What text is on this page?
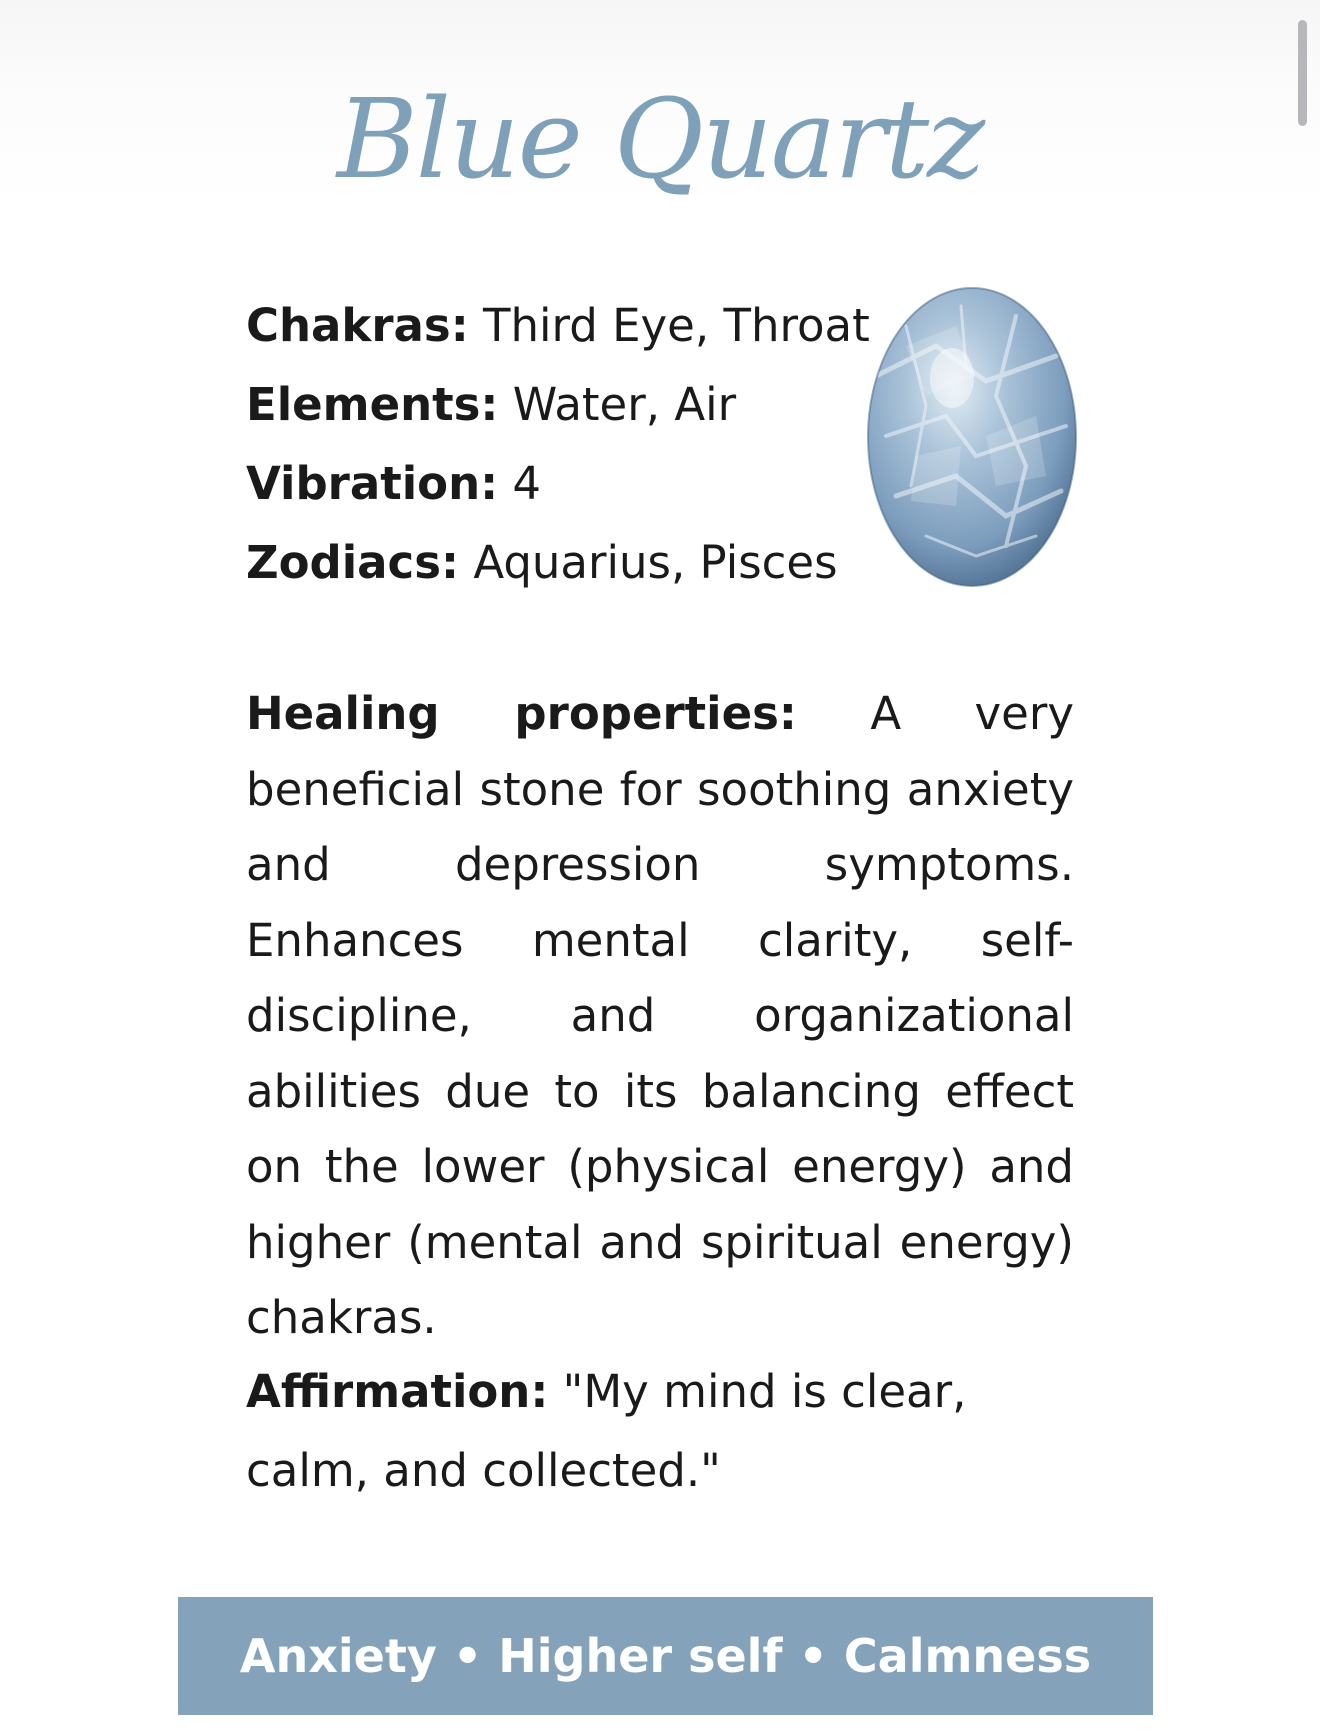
Blue Quartz
Chakras: Third Eye, Throat
Elements: Water, Air
Vibration: 4
Zodiacs: Aquarius, Pisces
Healing properties: A very beneficial stone for soothing anxiety and depression symptoms. Enhances mental clarity, self-discipline, and organizational abilities due to its balancing effect on the lower (physical energy) and higher (mental and spiritual energy) chakras.
Affirmation: "My mind is clear, calm, and collected."
Anxiety • Higher self • Calmness
